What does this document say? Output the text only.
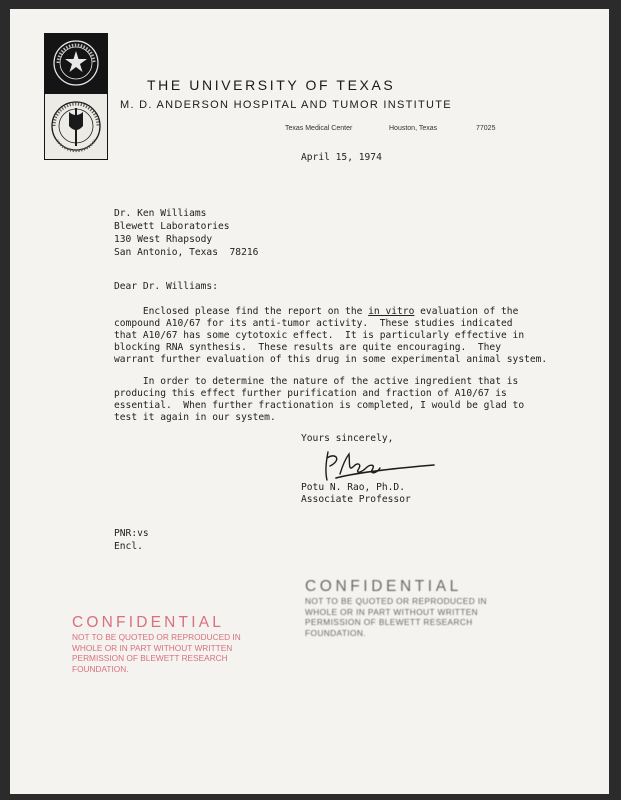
THE UNIVERSITY OF TEXAS
M. D. ANDERSON HOSPITAL AND TUMOR INSTITUTE
Texas Medical Center	Houston, Texas	77025
April 15, 1974
Dr. Ken Williams
Blewett Laboratories
130 West Rhapsody
San Antonio, Texas  78216
Dear Dr. Williams:
Enclosed please find the report on the in vitro evaluation of the
compound A10/67 for its anti-tumor activity.  These studies indicated
that A10/67 has some cytotoxic effect.  It is particularly effective in
blocking RNA synthesis.  These results are quite encouraging.  They
warrant further evaluation of this drug in some experimental animal system.
In order to determine the nature of the active ingredient that is
producing this effect further purification and fraction of A10/67 is
essential.  When further fractionation is completed, I would be glad to
test it again in our system.
Yours sincerely,
Potu N. Rao, Ph.D.
Associate Professor
PNR:vs
Encl.
CONFIDENTIAL
NOT TO BE QUOTED OR REPRODUCED IN
WHOLE OR IN PART WITHOUT WRITTEN
PERMISSION OF BLEWETT RESEARCH
FOUNDATION.
CONFIDENTIAL
NOT TO BE QUOTED OR REPRODUCED IN
WHOLE OR IN PART WITHOUT WRITTEN
PERMISSION OF BLEWETT RESEARCH
FOUNDATION.
